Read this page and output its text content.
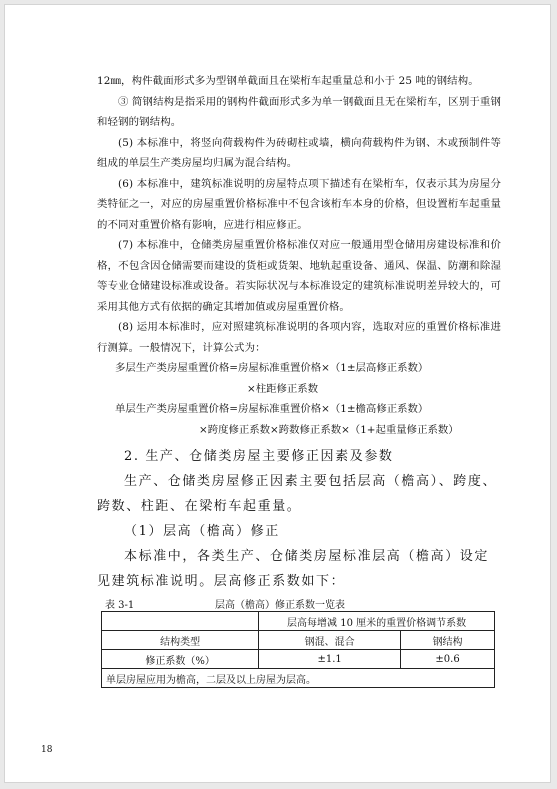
12㎜，构件截面形式多为型钢单截面且在梁桁车起重量总和小于 25 吨的钢结构。

③ 简钢结构是指采用的钢构件截面形式多为单一钢截面且无在梁桁车，区别于重钢和轻钢的钢结构。

(5) 本标准中，将竖向荷载构件为砖砌柱或墙，横向荷载构件为钢、木或预制件等组成的单层生产类房屋均归属为混合结构。

(6) 本标准中，建筑标准说明的房屋特点项下描述有在梁桁车，仅表示其为房屋分类特征之一，对应的房屋重置价格标准中不包含该桁车本身的价格，但设置桁车起重量的不同对重置价格有影响，应进行相应修正。

(7) 本标准中，仓储类房屋重置价格标准仅对应一般通用型仓储用房建设标准和价格，不包含因仓储需要而建设的货柜或货架、地轨起重设备、通风、保温、防潮和除湿等专业仓储建设标准或设备。若实际状况与本标准设定的建筑标准说明差异较大的，可采用其他方式有依据的确定其增加值或房屋重置价格。

(8) 运用本标准时，应对照建筑标准说明的各项内容，选取对应的重置价格标准进行测算。一般情况下，计算公式为：

多层生产类房屋重置价格=房屋标准重置价格×（1±层高修正系数）
×柱距修正系数
单层生产类房屋重置价格=房屋标准重置价格×（1±檐高修正系数）
×跨度修正系数×跨数修正系数×（1+起重量修正系数）

2. 生产、仓储类房屋主要修正因素及参数

生产、仓储类房屋修正因素主要包括层高（檐高）、跨度、跨数、柱距、在梁桁车起重量。

（1）层高（檐高）修正

本标准中，各类生产、仓储类房屋标准层高（檐高）设定见建筑标准说明。层高修正系数如下：

表 3-1	层高（檐高）修正系数一览表
	层高每增减 10 厘米的重置价格调节系数	
结构类型	钢混、混合	钢结构
修正系数（%）	±1.1	±0.6
单层房屋应用为檐高，二层及以上房屋为层高。		
18
